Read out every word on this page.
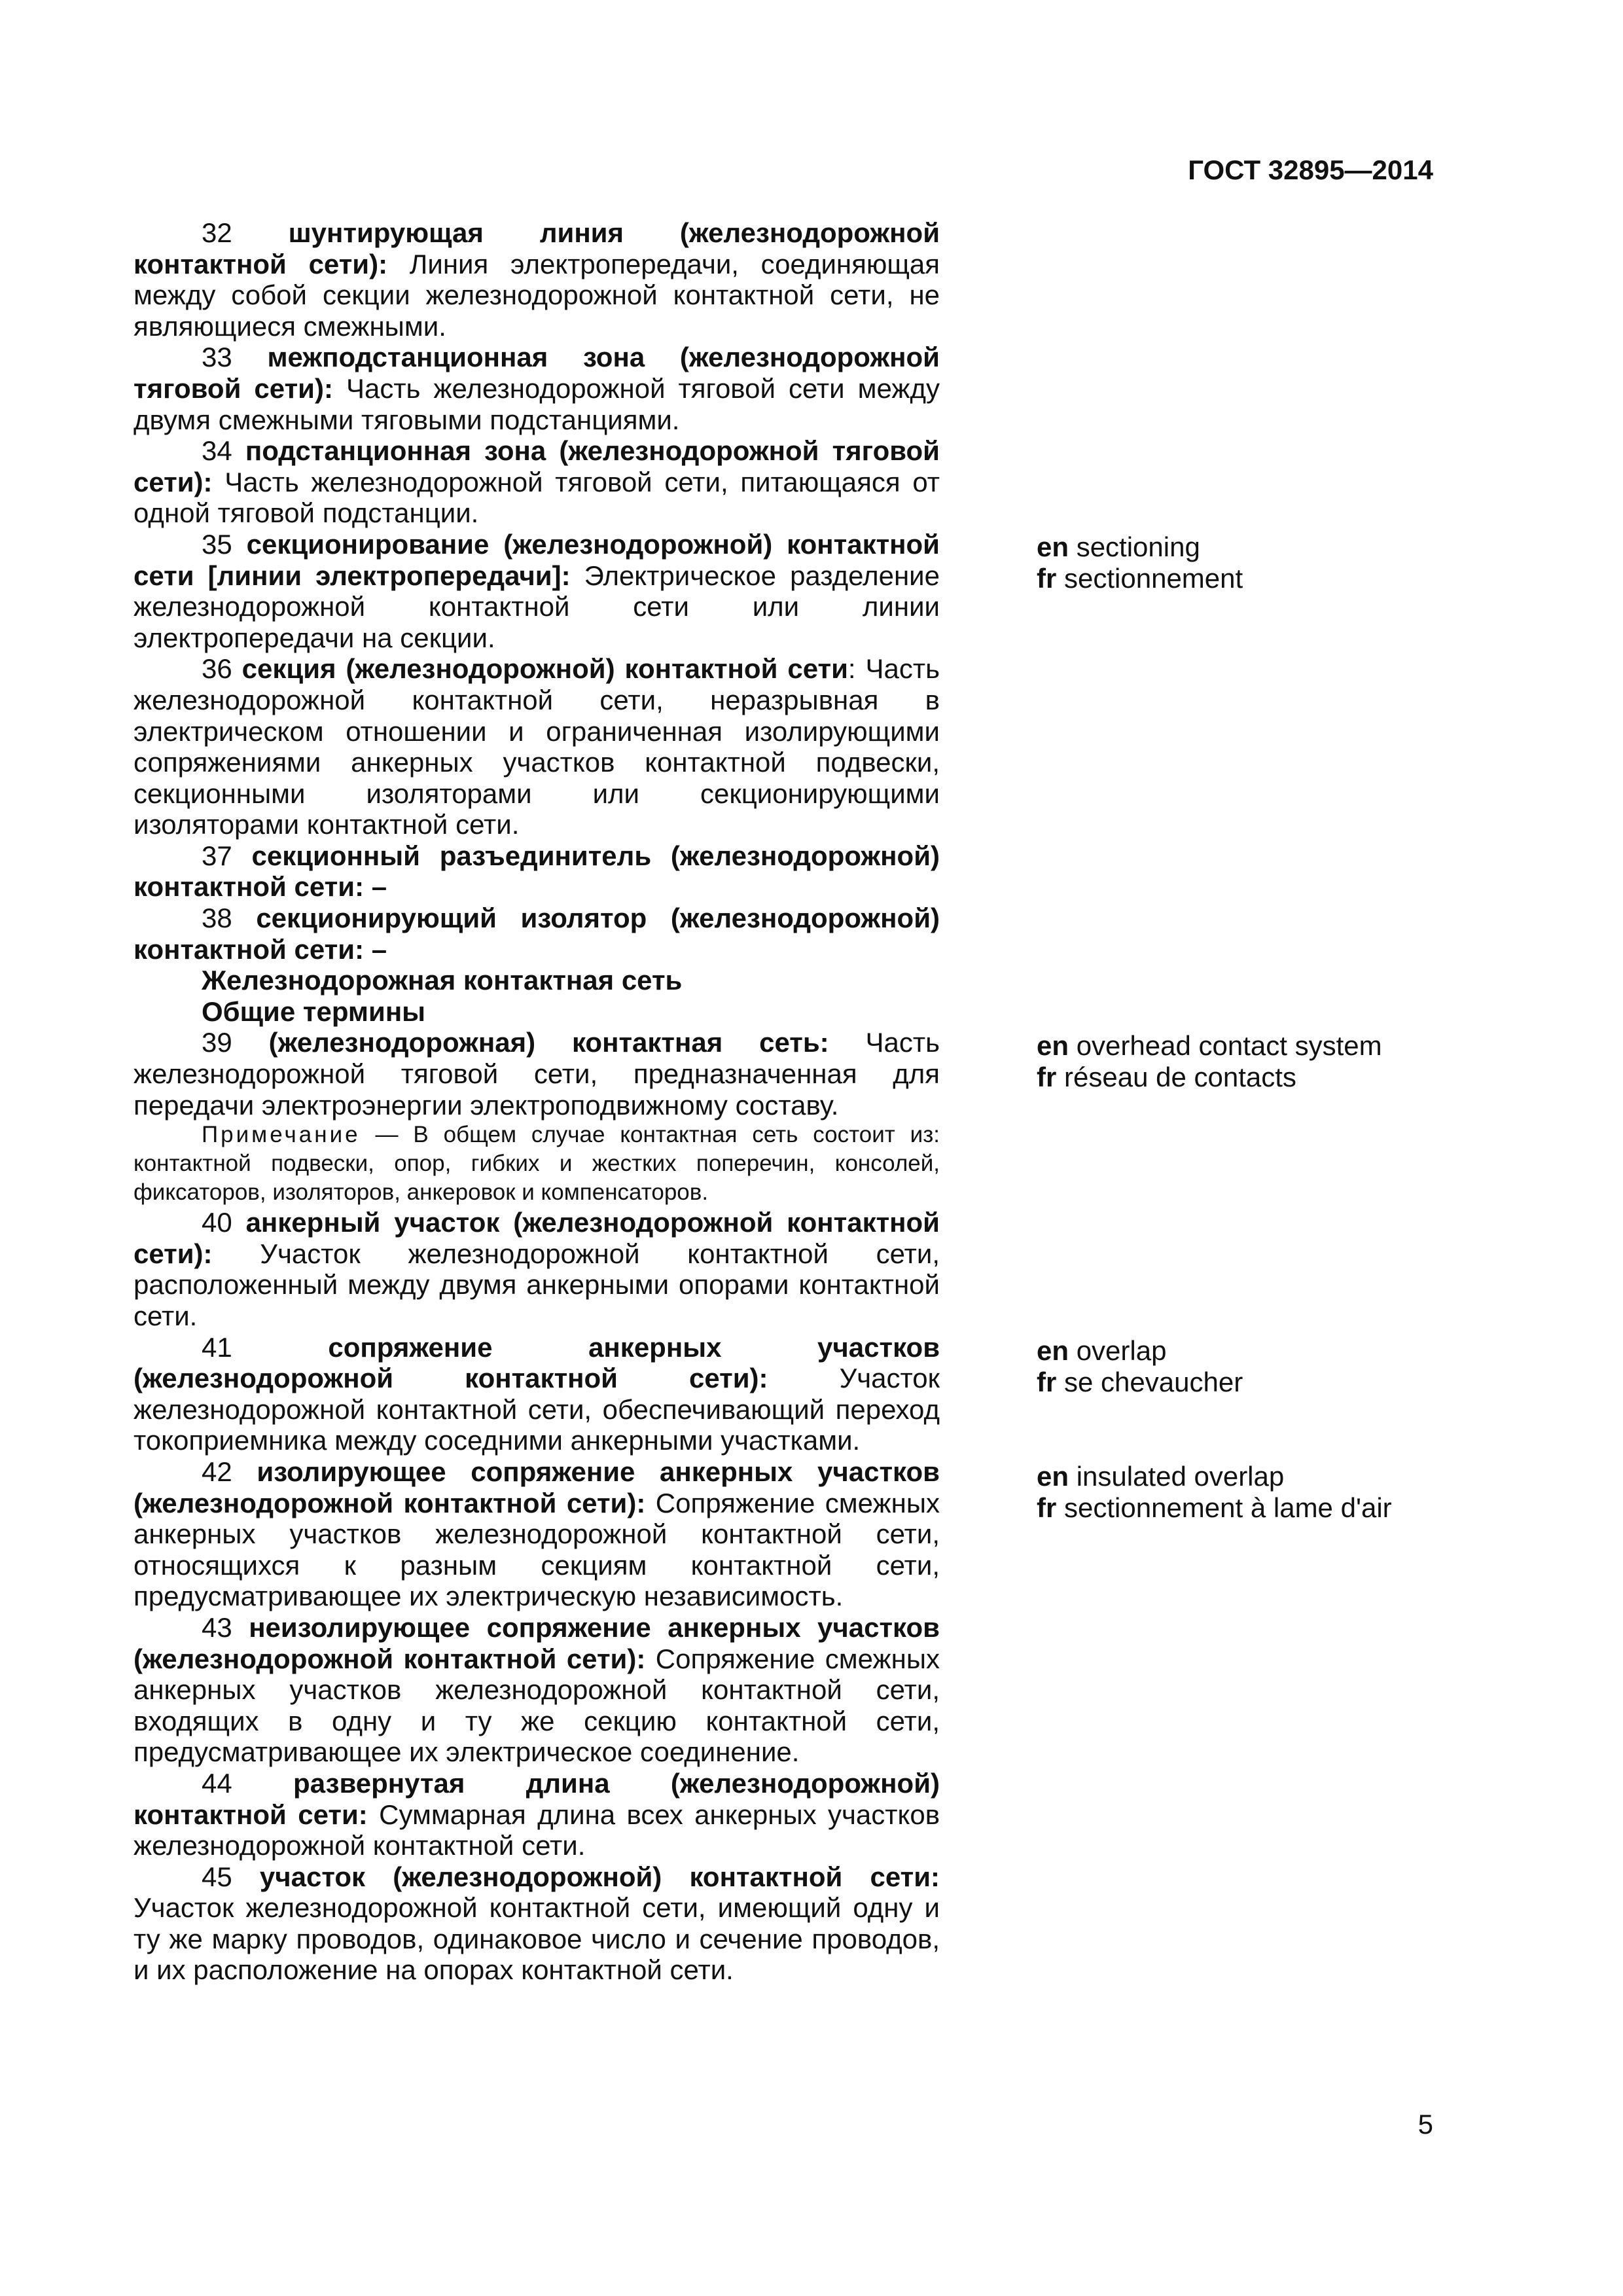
ГОСТ 32895—2014

32 шунтирующая линия (железнодорожной контактной сети): Линия электропередачи, соединяющая между собой секции железнодорожной контактной сети, не являющиеся смежными.

33 межподстанционная зона (железнодорожной тяговой сети): Часть железнодорожной тяговой сети между двумя смежными тяговыми подстанциями.

34 подстанционная зона (железнодорожной тяговой сети): Часть железнодорожной тяговой сети, питающаяся от одной тяговой подстанции.

35 секционирование (железнодорожной) контактной сети [линии электропередачи]: Электрическое разделение железнодорожной контактной сети или линии электропередачи на секции.

36 секция (железнодорожной) контактной сети: Часть железнодорожной контактной сети, неразрывная в электрическом отношении и ограниченная изолирующими сопряжениями анкерных участков контактной подвески, секционными изоляторами или секционирующими изоляторами контактной сети.

37 секционный разъединитель (железнодорожной) контактной сети: –

38 секционирующий изолятор (железнодорожной) контактной сети: –

Железнодорожная контактная сеть

Общие термины

39 (железнодорожная) контактная сеть: Часть железнодорожной тяговой сети, предназначенная для передачи электроэнергии электроподвижному составу.

Примечание — В общем случае контактная сеть состоит из: контактной подвески, опор, гибких и жестких поперечин, консолей, фиксаторов, изоляторов, анкеровок и компенсаторов.

40 анкерный участок (железнодорожной контактной сети): Участок железнодорожной контактной сети, расположенный между двумя анкерными опорами контактной сети.

41 сопряжение анкерных участков (железнодорожной контактной сети): Участок железнодорожной контактной сети, обеспечивающий переход токоприемника между соседними анкерными участками.

42 изолирующее сопряжение анкерных участков (железнодорожной контактной сети): Сопряжение смежных анкерных участков железнодорожной контактной сети, относящихся к разным секциям контактной сети, предусматривающее их электрическую независимость.

43 неизолирующее сопряжение анкерных участков (железнодорожной контактной сети): Сопряжение смежных анкерных участков железнодорожной контактной сети, входящих в одну и ту же секцию контактной сети, предусматривающее их электрическое соединение.

44 развернутая длина (железнодорожной) контактной сети: Суммарная длина всех анкерных участков железнодорожной контактной сети.

45 участок (железнодорожной) контактной сети: Участок железнодорожной контактной сети, имеющий одну и ту же марку проводов, одинаковое число и сечение проводов, и их расположение на опорах контактной сети.

en sectioning
fr sectionnement
en overhead contact system
fr réseau de contacts
en overlap
fr se chevaucher
en insulated overlap
fr sectionnement à lame d'air
5
